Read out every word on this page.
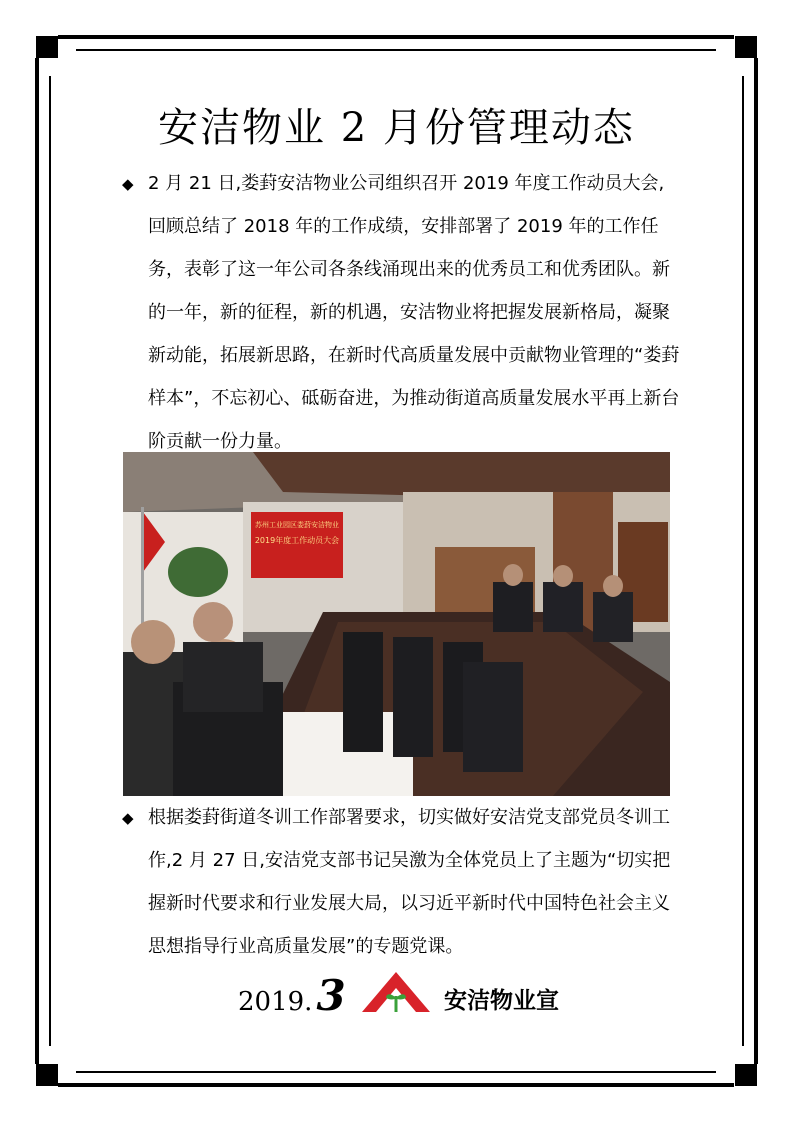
安洁物业 2 月份管理动态
◆ 2 月 21 日,娄葑安洁物业公司组织召开 2019 年度工作动员大会,回顾总结了 2018 年的工作成绩，安排部署了 2019 年的工作任务，表彰了这一年公司各条线涌现出来的优秀员工和优秀团队。新的一年，新的征程，新的机遇，安洁物业将把握发展新格局，凝聚新动能，拓展新思路，在新时代高质量发展中贡献物业管理的“娄葑样本”，不忘初心、砥砺奋进，为推动街道高质量发展水平再上新台阶贡献一份力量。
苏州工业园区娄葑安洁物业
2019年度工作动员大会
◆ 根据娄葑街道冬训工作部署要求，切实做好安洁党支部党员冬训工作,2 月 27 日,安洁党支部书记吴激为全体党员上了主题为“切实把握新时代要求和行业发展大局，以习近平新时代中国特色社会主义思想指导行业高质量发展”的专题党课。
2019.3	安洁物业宣
